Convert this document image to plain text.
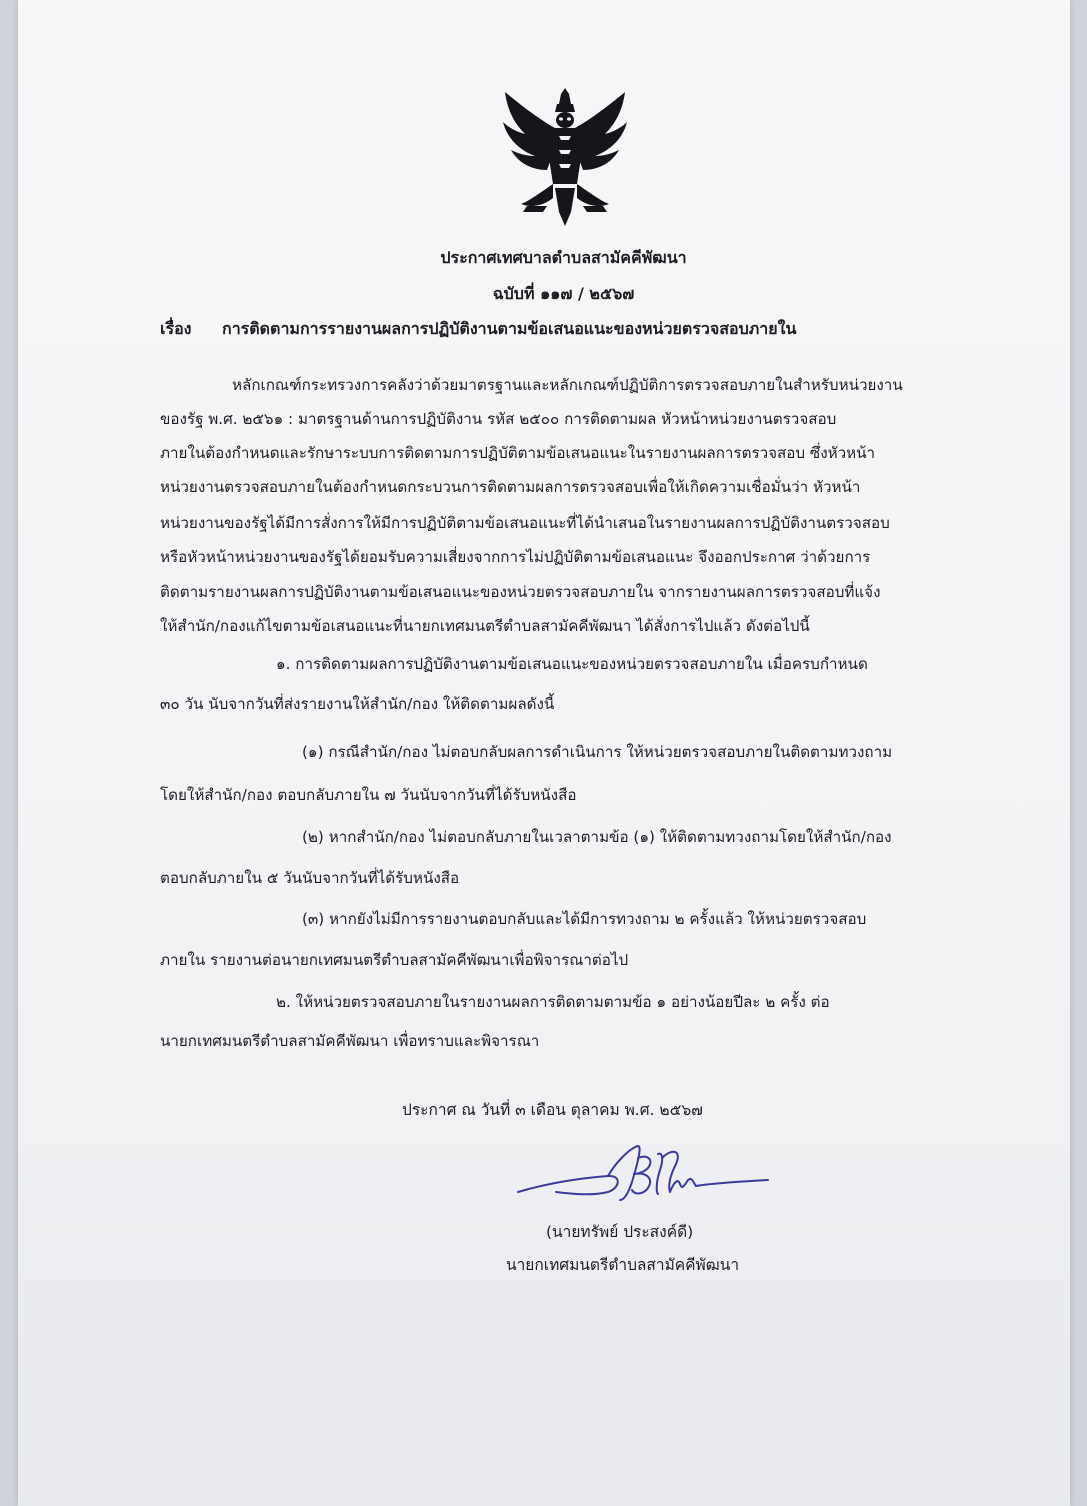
ประกาศเทศบาลตำบลสามัคคีพัฒนา
ฉบับที่ ๑๑๗ / ๒๕๖๗
เรื่อง การติดตามการรายงานผลการปฏิบัติงานตามข้อเสนอแนะของหน่วยตรวจสอบภายใน
หลักเกณฑ์กระทรวงการคลังว่าด้วยมาตรฐานและหลักเกณฑ์ปฏิบัติการตรวจสอบภายในสำหรับหน่วยงาน
ของรัฐ พ.ศ. ๒๕๖๑ : มาตรฐานด้านการปฏิบัติงาน รหัส ๒๕๐๐ การติดตามผล หัวหน้าหน่วยงานตรวจสอบ
ภายในต้องกำหนดและรักษาระบบการติดตามการปฏิบัติตามข้อเสนอแนะในรายงานผลการตรวจสอบ ซึ่งหัวหน้า
หน่วยงานตรวจสอบภายในต้องกำหนดกระบวนการติดตามผลการตรวจสอบเพื่อให้เกิดความเชื่อมั่นว่า หัวหน้า
หน่วยงานของรัฐได้มีการสั่งการให้มีการปฏิบัติตามข้อเสนอแนะที่ได้นำเสนอในรายงานผลการปฏิบัติงานตรวจสอบ
หรือหัวหน้าหน่วยงานของรัฐได้ยอมรับความเสี่ยงจากการไม่ปฏิบัติตามข้อเสนอแนะ จึงออกประกาศ ว่าด้วยการ
ติดตามรายงานผลการปฏิบัติงานตามข้อเสนอแนะของหน่วยตรวจสอบภายใน จากรายงานผลการตรวจสอบที่แจ้ง
ให้สำนัก/กองแก้ไขตามข้อเสนอแนะที่นายกเทศมนตรีตำบลสามัคคีพัฒนา ได้สั่งการไปแล้ว ดังต่อไปนี้
๑. การติดตามผลการปฏิบัติงานตามข้อเสนอแนะของหน่วยตรวจสอบภายใน เมื่อครบกำหนด
๓๐ วัน นับจากวันที่ส่งรายงานให้สำนัก/กอง ให้ติดตามผลดังนี้
(๑) กรณีสำนัก/กอง ไม่ตอบกลับผลการดำเนินการ ให้หน่วยตรวจสอบภายในติดตามทวงถาม
โดยให้สำนัก/กอง ตอบกลับภายใน ๗ วันนับจากวันที่ได้รับหนังสือ
(๒) หากสำนัก/กอง ไม่ตอบกลับภายในเวลาตามข้อ (๑) ให้ติดตามทวงถามโดยให้สำนัก/กอง
ตอบกลับภายใน ๕ วันนับจากวันที่ได้รับหนังสือ
(๓) หากยังไม่มีการรายงานตอบกลับและได้มีการทวงถาม ๒ ครั้งแล้ว ให้หน่วยตรวจสอบ
ภายใน รายงานต่อนายกเทศมนตรีตำบลสามัคคีพัฒนาเพื่อพิจารณาต่อไป
๒. ให้หน่วยตรวจสอบภายในรายงานผลการติดตามตามข้อ ๑ อย่างน้อยปีละ ๒ ครั้ง ต่อ
นายกเทศมนตรีตำบลสามัคคีพัฒนา เพื่อทราบและพิจารณา
ประกาศ ณ วันที่ ๓ เดือน ตุลาคม พ.ศ. ๒๕๖๗
(นายทรัพย์ ประสงค์ดี)
นายกเทศมนตรีตำบลสามัคคีพัฒนา
